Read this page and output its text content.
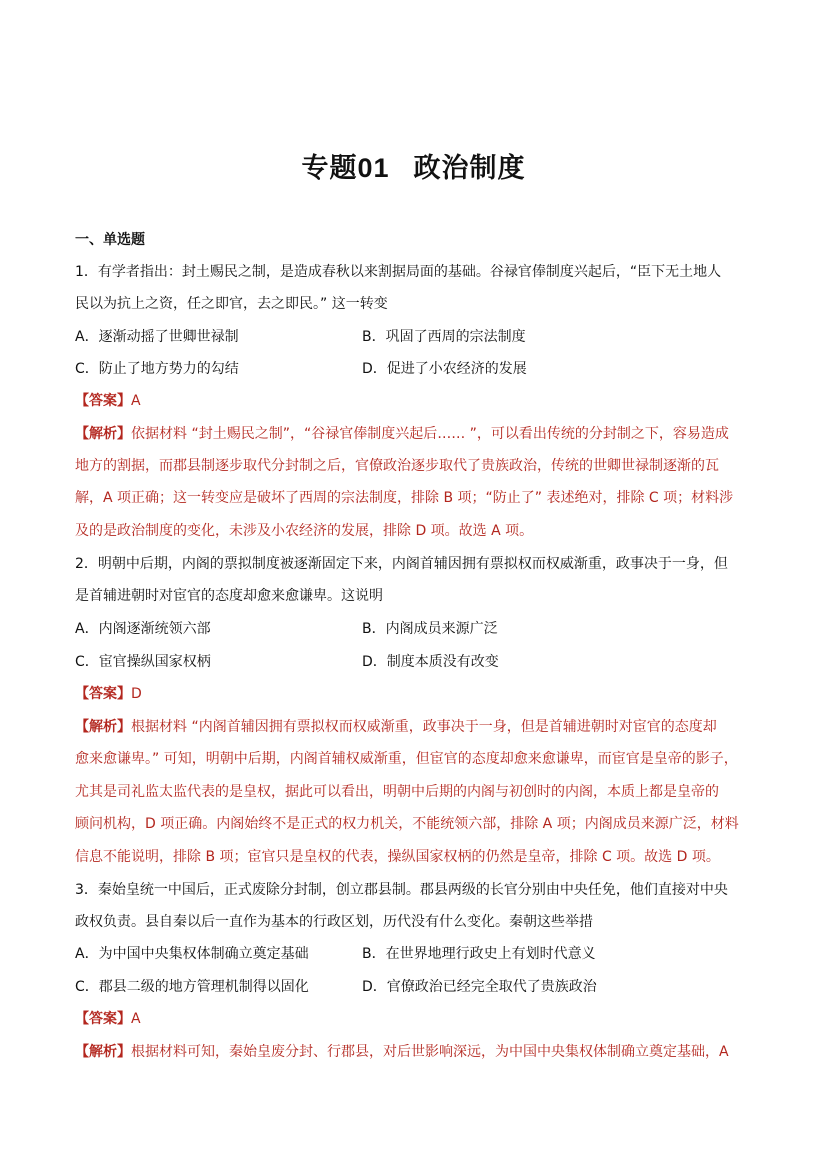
专题01 政治制度
一、单选题
1．有学者指出：封土赐民之制，是造成春秋以来割据局面的基础。谷禄官俸制度兴起后，“臣下无土地人
民以为抗上之资，任之即官，去之即民。” 这一转变
A．逐渐动摇了世卿世禄制	B．巩固了西周的宗法制度
C．防止了地方势力的勾结	D．促进了小农经济的发展
【答案】A
【解析】依据材料 “封土赐民之制”，“谷禄官俸制度兴起后…… ”，可以看出传统的分封制之下，容易造成
地方的割据，而郡县制逐步取代分封制之后，官僚政治逐步取代了贵族政治，传统的世卿世禄制逐渐的瓦
解，A 项正确；这一转变应是破坏了西周的宗法制度，排除 B 项；“防止了” 表述绝对，排除 C 项；材料涉
及的是政治制度的变化，未涉及小农经济的发展，排除 D 项。故选 A 项。
2．明朝中后期，内阁的票拟制度被逐渐固定下来，内阁首辅因拥有票拟权而权威渐重，政事决于一身，但
是首辅进朝时对宦官的态度却愈来愈谦卑。这说明
A．内阁逐渐统领六部	B．内阁成员来源广泛
C．宦官操纵国家权柄	D．制度本质没有改变
【答案】D
【解析】根据材料 “内阁首辅因拥有票拟权而权威渐重，政事决于一身，但是首辅进朝时对宦官的态度却
愈来愈谦卑。” 可知，明朝中后期，内阁首辅权威渐重，但宦官的态度却愈来愈谦卑，而宦官是皇帝的影子，
尤其是司礼监太监代表的是皇权，据此可以看出，明朝中后期的内阁与初创时的内阁，本质上都是皇帝的
顾问机构，D 项正确。内阁始终不是正式的权力机关，不能统领六部，排除 A 项；内阁成员来源广泛，材料
信息不能说明，排除 B 项；宦官只是皇权的代表，操纵国家权柄的仍然是皇帝，排除 C 项。故选 D 项。
3．秦始皇统一中国后，正式废除分封制，创立郡县制。郡县两级的长官分别由中央任免，他们直接对中央
政权负责。县自秦以后一直作为基本的行政区划，历代没有什么变化。秦朝这些举措
A．为中国中央集权体制确立奠定基础	B．在世界地理行政史上有划时代意义
C．郡县二级的地方管理机制得以固化	D．官僚政治已经完全取代了贵族政治
【答案】A
【解析】根据材料可知，秦始皇废分封、行郡县，对后世影响深远，为中国中央集权体制确立奠定基础，A
